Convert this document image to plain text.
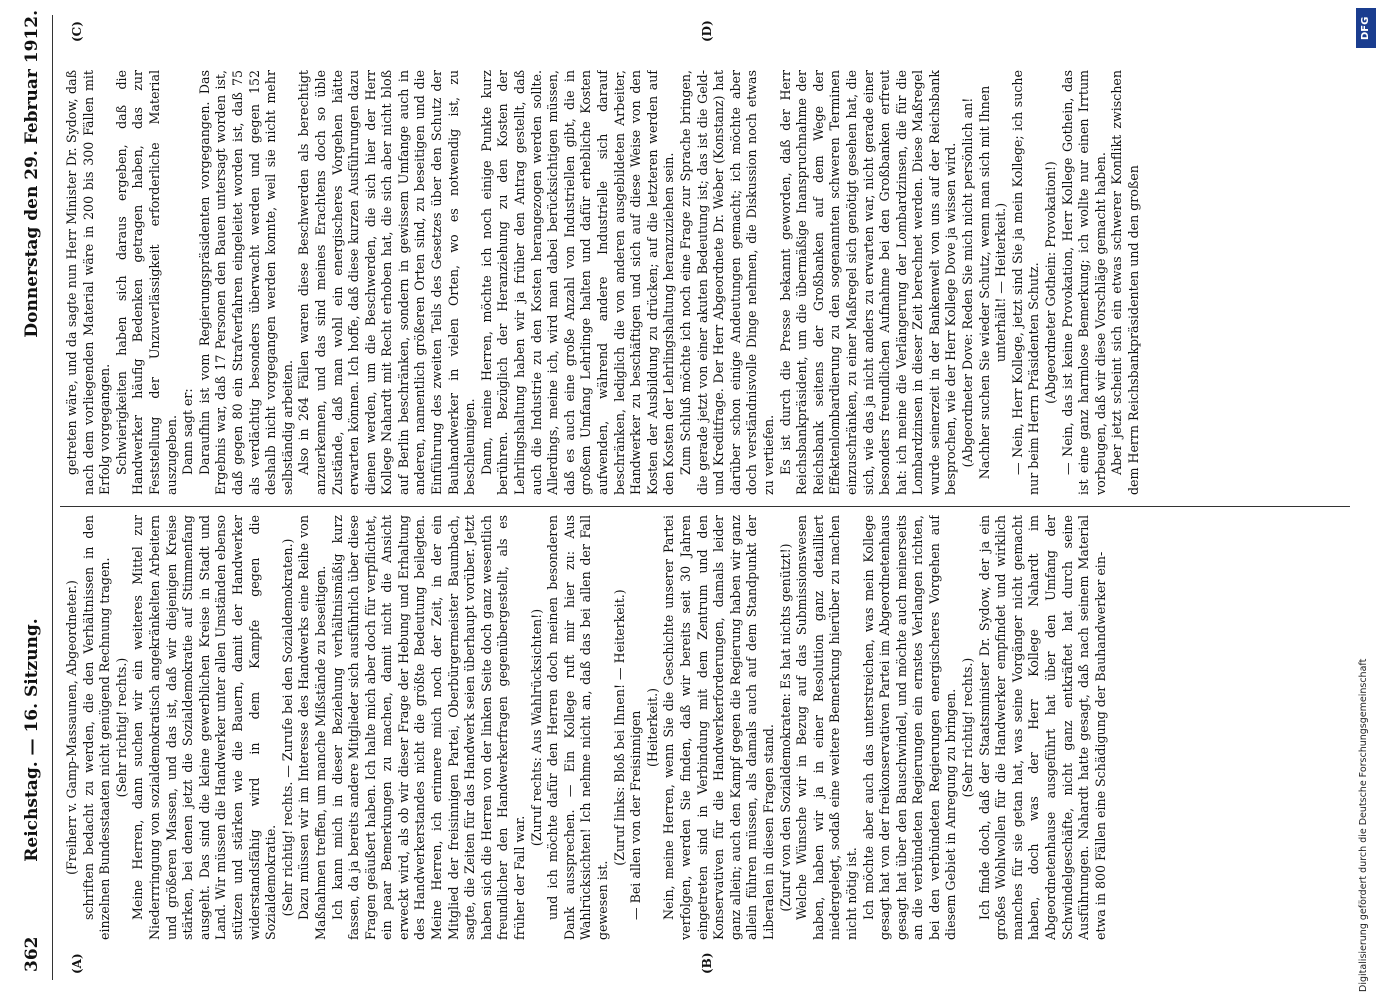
362
Reichstag. — 16. Sitzung.
Donnerstag den 29. Februar 1912.
(A)	(B)
(C)	(D)

(Freiherr v. Gamp-Massaunen, Abgeordneter.) schriften bedacht zu werden, die den Verhältnissen in den einzelnen Bundesstaaten nicht genügend Rechnung tragen. (Sehr richtig! rechts.) Meine Herren, dann suchen wir ein weiteres Mittel zur Niederrringung von sozialdemokratisch angekränkelten Arbeitern und größeren Massen, und das ist, daß wir diejenigen Kreise stärken, bei denen jetzt die Sozialdemokratie auf Stimmenfang ausgeht. Das sind die kleine gewerblichen Kreise in Stadt und Land. Wir müssen die Handwerker unter allen Umständen ebenso stützen und stärken wie die Bauern, damit der Handwerker widerstandsfähig wird in dem Kampfe gegen die Sozialdemokratie. (Sehr richtig! rechts. — Zurufe bei den Sozialdemokraten.) Dazu müssen wir im Interesse des Handwerks eine Reihe von Maßnahmen treffen, um manche Mißstände zu beseitigen. Ich kann mich in dieser Beziehung verhältnismäßig kurz fassen, da ja bereits andere Mitglieder sich ausführlich über diese Fragen geäußert haben. Ich halte mich aber doch für verpflichtet, ein paar Bemerkungen zu machen, damit nicht die Ansicht erweckt wird, als ob wir dieser Frage der Hebung und Erhaltung des Handwerkerstandes nicht die größte Bedeutung beilegten. Meine Herren, ich erinnere mich noch der Zeit, in der ein Mitglied der freisinnigen Partei, Oberbürgermeister Baumbach, sagte, die Zeiten für das Handwerk seien überhaupt vorüber. Jetzt haben sich die Herren von der linken Seite doch ganz wesentlich freundlicher den Handwerkerfragen gegenübergestellt, als es früher der Fall war.

(Zuruf rechts: Aus Wahlrücksichten!) und ich möchte dafür den Herren doch meinen besonderen Dank aussprechen. — Ein Kollege ruft mir hier zu: Aus Wahlrücksichten! Ich nehme nicht an, daß das bei allen der Fall gewesen ist.

(Zuruf links: Bloß bei Ihnen! — Heiterkeit.) — Bei allen von der Freisinnigen (Heiterkeit.) Nein, meine Herren, wenn Sie die Geschichte unserer Partei verfolgen, werden Sie finden, daß wir bereits seit 30 Jahren eingetreten sind in Verbindung mit dem Zentrum und den Konservativen für die Handwerkerforderungen, damals leider ganz allein; auch den Kampf gegen die Regierung haben wir ganz allein führen müssen, als damals auch auf dem Standpunkt der Liberalen in diesen Fragen stand. (Zuruf von den Sozialdemokraten: Es hat nichts genützt!) Welche Wünsche wir in Bezug auf das Submissionswesen haben, haben wir ja in einer Resolution ganz detailliert niedergelegt, sodaß eine weitere Bemerkung hierüber zu machen nicht nötig ist. Ich möchte aber auch das unterstreichen, was mein Kollege gesagt hat von der freikonservativen Partei im Abgeordnetenhaus gesagt hat über den Bauschwindel, und möchte auch meinerseits an die verbündeten Regierungen ein ernstes Verlangen richten, bei den verbündeten Regierungen energischeres Vorgehen auf diesem Gebiet in Anregung zu bringen. (Sehr richtig! rechts.) Ich finde doch, daß der Staatsminister Dr. Sydow, der ja ein großes Wohlwollen für die Handwerker empfindet und wirklich manches für sie getan hat, was seine Vorgänger nicht gemacht haben, doch was der Herr Kollege Nahardt im Abgeordnetenhause ausgeführt hat über den Umfang der Schwindelgeschäfte, nicht ganz entkräftet hat durch seine Ausführungen. Nahardt hatte gesagt, daß nach seinem Material etwa in 800 Fällen eine Schädigung der Bauhandwerker ein-

getreten wäre, und da sagte nun Herr Minister Dr. Sydow, daß nach dem vorliegenden Material wäre in 200 bis 300 Fällen mit Erfolg vorgegangen. Schwierigkeiten haben sich daraus ergeben, daß die Handwerker häufig Bedenken getragen haben, das zur Feststellung der Unzuverlässigkeit erforderliche Material auszugeben. Dann sagt er: Daraufhin ist vom Regierungspräsidenten vorgegangen. Das Ergebnis war, daß 17 Personen den Bauen untersagt worden ist, daß gegen 80 ein Strafverfahren eingeleitet worden ist, daß 75 als verdächtig besonders überwacht werden und gegen 152 deshalb nicht vorgegangen werden konnte, weil sie nicht mehr selbständig arbeiten. Also in 264 Fällen waren diese Beschwerden als berechtigt anzuerkennen, und das sind meines Erachtens doch so üble Zustände, daß man wohl ein energischeres Vorgehen hätte erwarten können. Ich hoffe, daß diese kurzen Ausführungen dazu dienen werden, um die Beschwerden, die sich hier der Herr Kollege Nahardt mit Recht erhoben hat, die sich aber nicht bloß auf Berlin beschränken, sondern in gewissem Umfange auch in anderen, namentlich größeren Orten sind, zu beseitigen und die Einführung des zweiten Teils des Gesetzes über den Schutz der Bauhandwerker in vielen Orten, wo es notwendig ist, zu beschleunigen. Dann, meine Herren, möchte ich noch einige Punkte kurz berühren. Bezüglich der Heranziehung zu den Kosten der Lehrlingshaltung haben wir ja früher den Antrag gestellt, daß auch die Industrie zu den Kosten herangezogen werden sollte. Allerdings, meine ich, wird man dabei berücksichtigen müssen, daß es auch eine große Anzahl von Industriellen gibt, die in großem Umfang Lehrlinge halten und dafür erhebliche Kosten aufwenden, während andere Industrielle sich darauf beschränken, lediglich die von anderen ausgebildeten Arbeiter, Handwerker zu beschäftigen und sich auf diese Weise von den Kosten der Ausbildung zu drücken; auf die letzteren werden auf den Kosten der Lehrlingshaltung heranzuziehen sein. Zum Schluß möchte ich noch eine Frage zur Sprache bringen, die gerade jetzt von einer akuten Bedeutung ist; das ist die Geld- und Kreditfrage. Der Herr Abgeordnete Dr. Weber (Konstanz) hat darüber schon einige Andeutungen gemacht; ich möchte aber doch verständnisvolle Dinge nehmen, die Diskussion noch etwas zu vertiefen. Es ist durch die Presse bekannt geworden, daß der Herr Reichsbankpräsident, um die übermäßige Inanspruchnahme der Reichsbank seitens der Großbanken auf dem Wege der Effektenlombardierung zu den sogenannten schweren Terminen einzuschränken, zu einer Maßregel sich genötigt gesehen hat, die sich, wie das ja nicht anders zu erwarten war, nicht gerade einer besonders freundlichen Aufnahme bei den Großbanken erfreut hat: ich meine die Verlängerung der Lombardzinsen, die für die Lombardzinsen in dieser Zeit berechnet werden. Diese Maßregel wurde seinerzeit in der Bankenwelt von uns auf der Reichsbank besprochen, wie der Herr Kollege Dove ja wissen wird. (Abgeordneter Dove: Reden Sie mich nicht persönlich an! Nachher suchen Sie wieder Schutz, wenn man sich mit Ihnen unterhält! — Heiterkeit.) — Nein, Herr Kollege, jetzt sind Sie ja mein Kollege; ich suche nur beim Herrn Präsidenten Schutz. (Abgeordneter Gothein: Provokation!) — Nein, das ist keine Provokation, Herr Kollege Gothein, das ist eine ganz harmlose Bemerkung; ich wollte nur einen Irrtum vorbeugen, daß wir diese Vorschläge gemacht haben. Aber jetzt scheint sich ein etwas schwerer Konflikt zwischen dem Herrn Reichsbankpräsidenten und den großen

DFG
Digitalisierung gefördert durch die Deutsche Forschungsgemeinschaft
